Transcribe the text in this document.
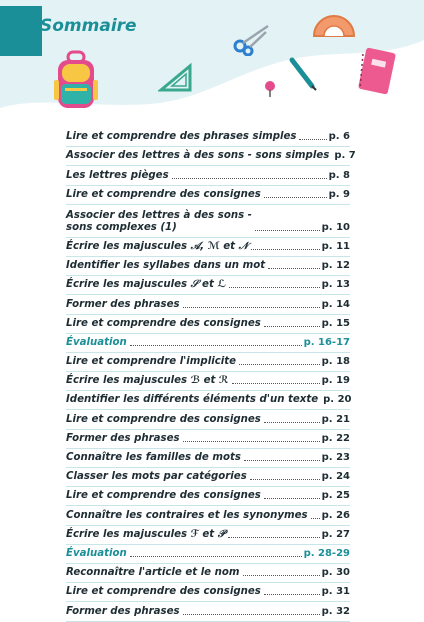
Sommaire
Lire et comprendre des phrases simples	p. 6
Associer des lettres à des sons - sons simples p. 7
Les lettres pièges	p. 8
Lire et comprendre des consignes	p. 9
Associer des lettres à des sons -
sons complexes (1)	p. 10
Écrire les majuscules 𝒜, ℳ et 𝒩	p. 11
Identifier les syllabes dans un mot	p. 12
Écrire les majuscules 𝒮 et ℒ	p. 13
Former des phrases	p. 14
Lire et comprendre des consignes	p. 15
Évaluation	p. 16-17
Lire et comprendre l'implicite	p. 18
Écrire les majuscules ℬ et ℛ	p. 19
Identifier les différents éléments d'un texte p. 20
Lire et comprendre des consignes	p. 21
Former des phrases	p. 22
Connaître les familles de mots	p. 23
Classer les mots par catégories	p. 24
Lire et comprendre des consignes	p. 25
Connaître les contraires et les synonymes p. 26
Écrire les majuscules ℱ et 𝒫	p. 27
Évaluation	p. 28-29
Reconnaître l'article et le nom	p. 30
Lire et comprendre des consignes	p. 31
Former des phrases	p. 32
